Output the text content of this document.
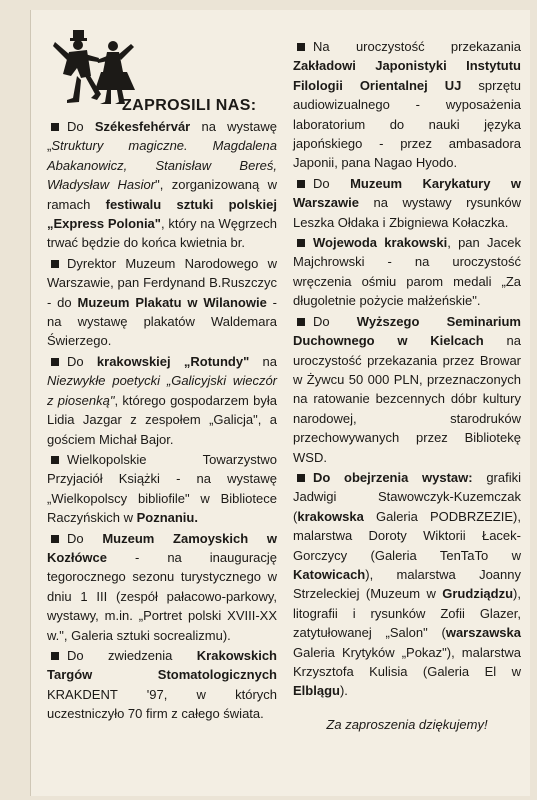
ZAPROSILI NAS:

Do Székesfehérvár na wystawę „Struktury magiczne. Magdalena Abakanowicz, Stanisław Bereś, Władysław Hasior", zorganizowaną w ramach festiwalu sztuki polskiej „Express Polonia", który na Węgrzech trwać będzie do końca kwietnia br.

Dyrektor Muzeum Narodowego w Warszawie, pan Ferdynand B.Ruszczyc - do Muzeum Plakatu w Wilanowie - na wystawę plakatów Waldemara Świerzego.

Do krakowskiej „Rotundy" na Niezwykłe poetycki „Galicyjski wieczór z piosenką", którego gospodarzem była Lidia Jazgar z zespołem „Galicja", a gościem Michał Bajor.

Wielkopolskie Towarzystwo Przyjaciół Książki - na wystawę „Wielkopolscy bibliofile" w Bibliotece Raczyńskich w Poznaniu.

Do Muzeum Zamoyskich w Kozłówce - na inaugurację tegorocznego sezonu turystycznego w dniu 1 III (zespół pałacowo-parkowy, wystawy, m.in. „Portret polski XVIII-XX w.", Galeria sztuki socrealizmu).

Do zwiedzenia Krakowskich Targów Stomatologicznych KRAKDENT '97, w których uczestniczyło 70 firm z całego świata.

Na uroczystość przekazania Zakładowi Japonistyki Instytutu Filologii Orientalnej UJ sprzętu audiowizualnego - wyposażenia laboratorium do nauki języka japońskiego - przez ambasadora Japonii, pana Nagao Hyodo.

Do Muzeum Karykatury w Warszawie na wystawy rysunków Leszka Ołdaka i Zbigniewa Kołaczka.

Wojewoda krakowski, pan Jacek Majchrowski - na uroczystość wręczenia ośmiu parom medali „Za długoletnie pożycie małżeńskie".

Do Wyższego Seminarium Duchownego w Kielcach na uroczystość przekazania przez Browar w Żywcu 50 000 PLN, przeznaczonych na ratowanie bezcennych dóbr kultury narodowej, starodruków przechowywanych przez Bibliotekę WSD.

Do obejrzenia wystaw: grafiki Jadwigi Stawowczyk-Kuzemczak (krakowska Galeria PODBRZEZIE), malarstwa Doroty Wiktorii Łacek-Gorczycy (Galeria TenTaTo w Katowicach), malarstwa Joanny Strzeleckiej (Muzeum w Grudziądzu), litografii i rysunków Zofii Glazer, zatytułowanej „Salon" (warszawska Galeria Krytyków „Pokaz"), malarstwa Krzysztofa Kulisia (Galeria El w Elblągu).

Za zaproszenia dziękujemy!
